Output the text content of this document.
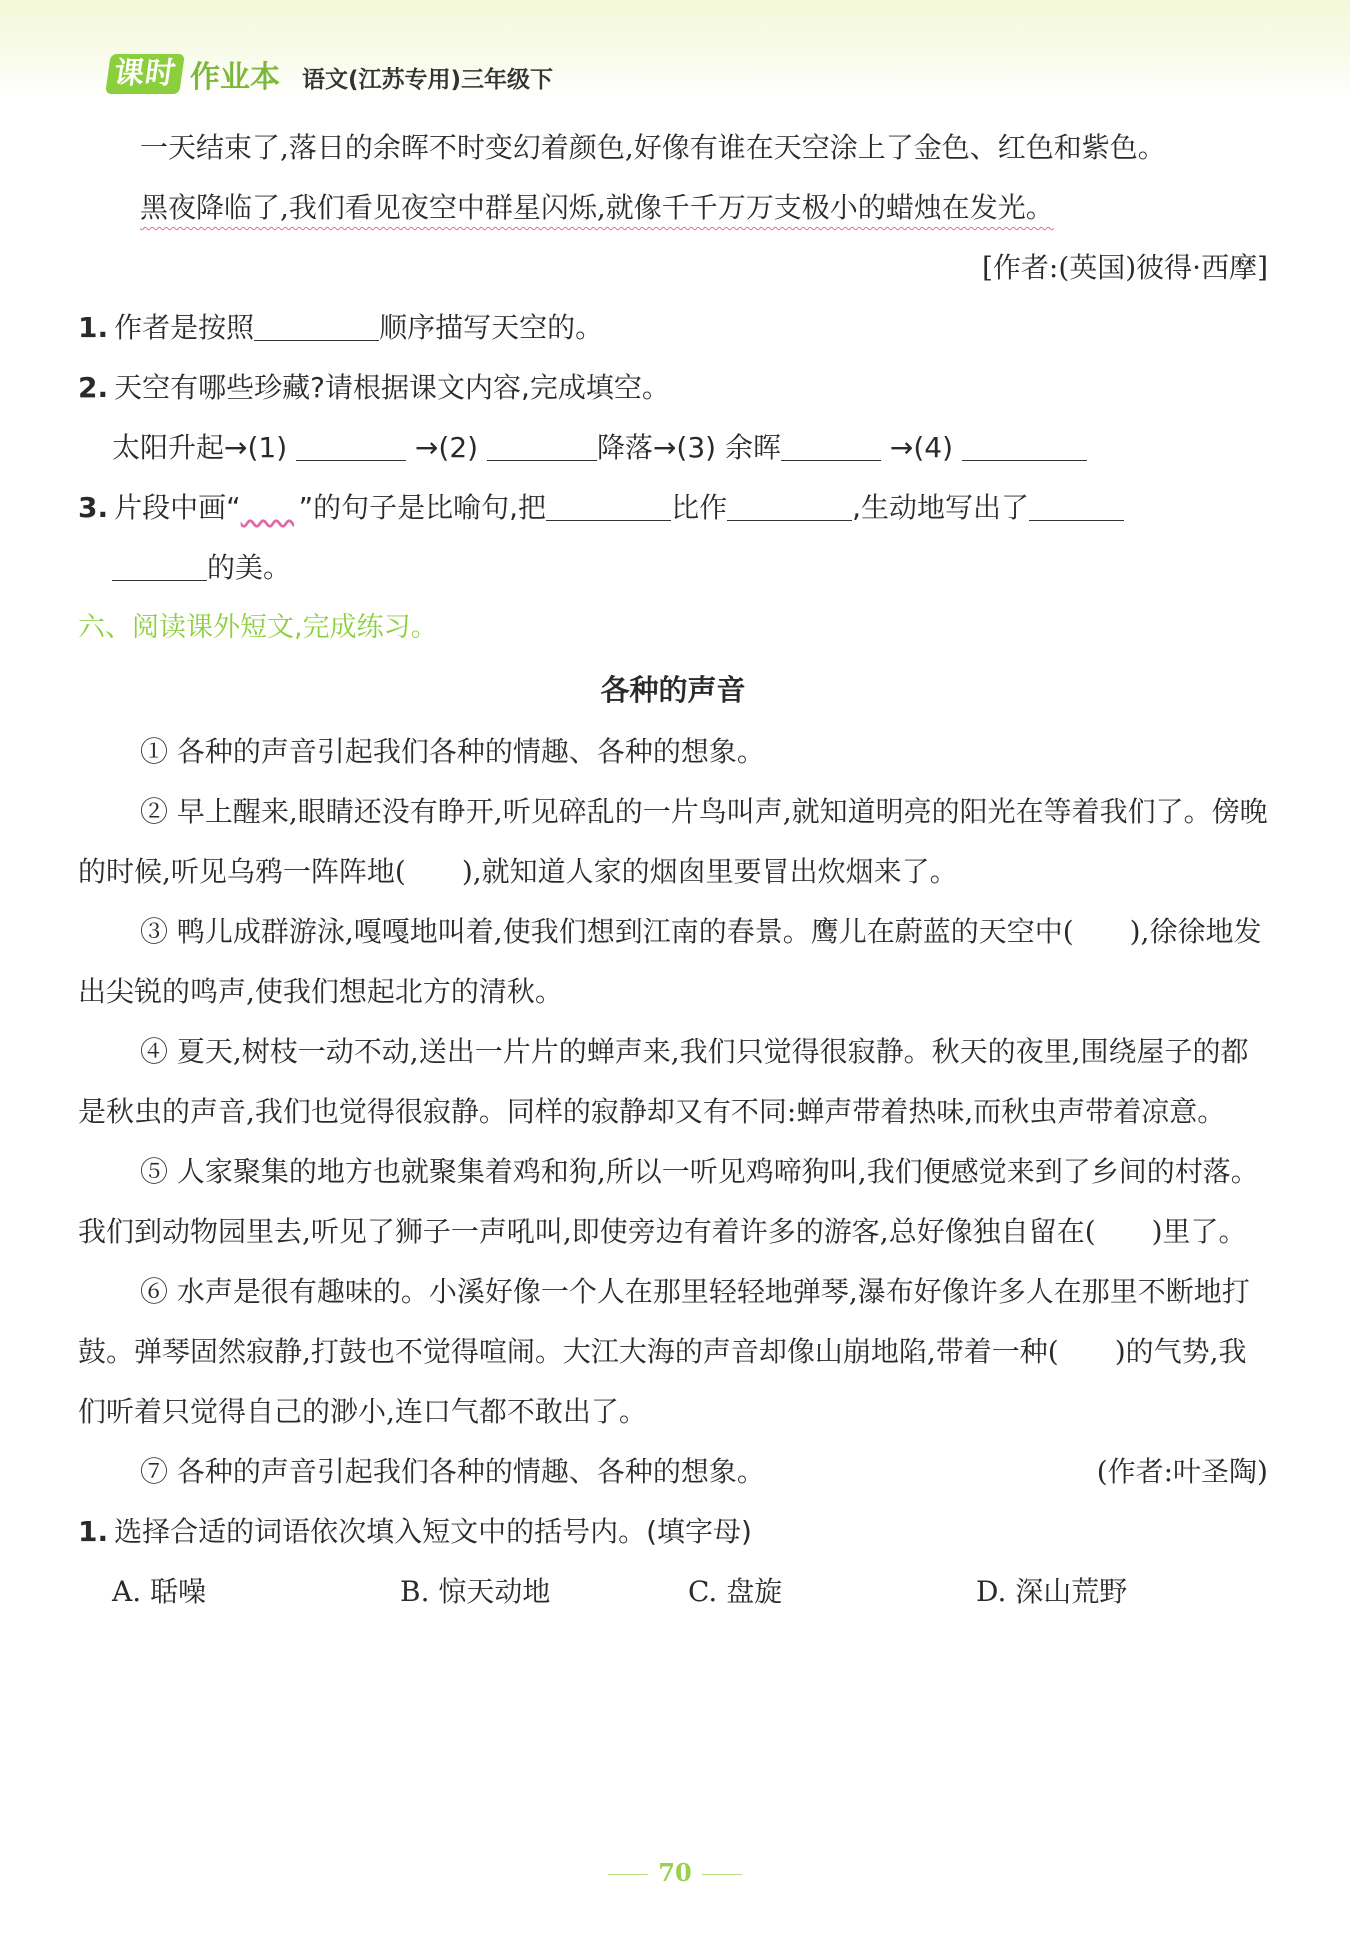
课时 作业本 语文(江苏专用)三年级下

一天结束了,落日的余晖不时变幻着颜色,好像有谁在天空涂上了金色、红色和紫色。

黑夜降临了,我们看见夜空中群星闪烁,就像千千万万支极小的蜡烛在发光。

[作者:(英国)彼得·西摩]

1. 作者是按照	顺序描写天空的。

2. 天空有哪些珍藏?请根据课文内容,完成填空。

太阳升起→(1)	→(2)	降落→(3) 余晖	→(4)

3. 片段中画“ ”的句子是比喻句,把	比作	,生动地写出了

的美。

六、阅读课外短文,完成练习。

各种的声音

① 各种的声音引起我们各种的情趣、各种的想象。

② 早上醒来,眼睛还没有睁开,听见碎乱的一片鸟叫声,就知道明亮的阳光在等着我们了。傍晚的时候,听见乌鸦一阵阵地(　　),就知道人家的烟囱里要冒出炊烟来了。

③ 鸭儿成群游泳,嘎嘎地叫着,使我们想到江南的春景。鹰儿在蔚蓝的天空中(　　),徐徐地发出尖锐的鸣声,使我们想起北方的清秋。

④ 夏天,树枝一动不动,送出一片片的蝉声来,我们只觉得很寂静。秋天的夜里,围绕屋子的都是秋虫的声音,我们也觉得很寂静。同样的寂静却又有不同:蝉声带着热味,而秋虫声带着凉意。

⑤ 人家聚集的地方也就聚集着鸡和狗,所以一听见鸡啼狗叫,我们便感觉来到了乡间的村落。我们到动物园里去,听见了狮子一声吼叫,即使旁边有着许多的游客,总好像独自留在(　　)里了。

⑥ 水声是很有趣味的。小溪好像一个人在那里轻轻地弹琴,瀑布好像许多人在那里不断地打鼓。弹琴固然寂静,打鼓也不觉得喧闹。大江大海的声音却像山崩地陷,带着一种(　　)的气势,我们听着只觉得自己的渺小,连口气都不敢出了。

⑦ 各种的声音引起我们各种的情趣、各种的想象。	(作者:叶圣陶)

1. 选择合适的词语依次填入短文中的括号内。(填字母)

A. 聒噪	B. 惊天动地	C. 盘旋	D. 深山荒野
70
